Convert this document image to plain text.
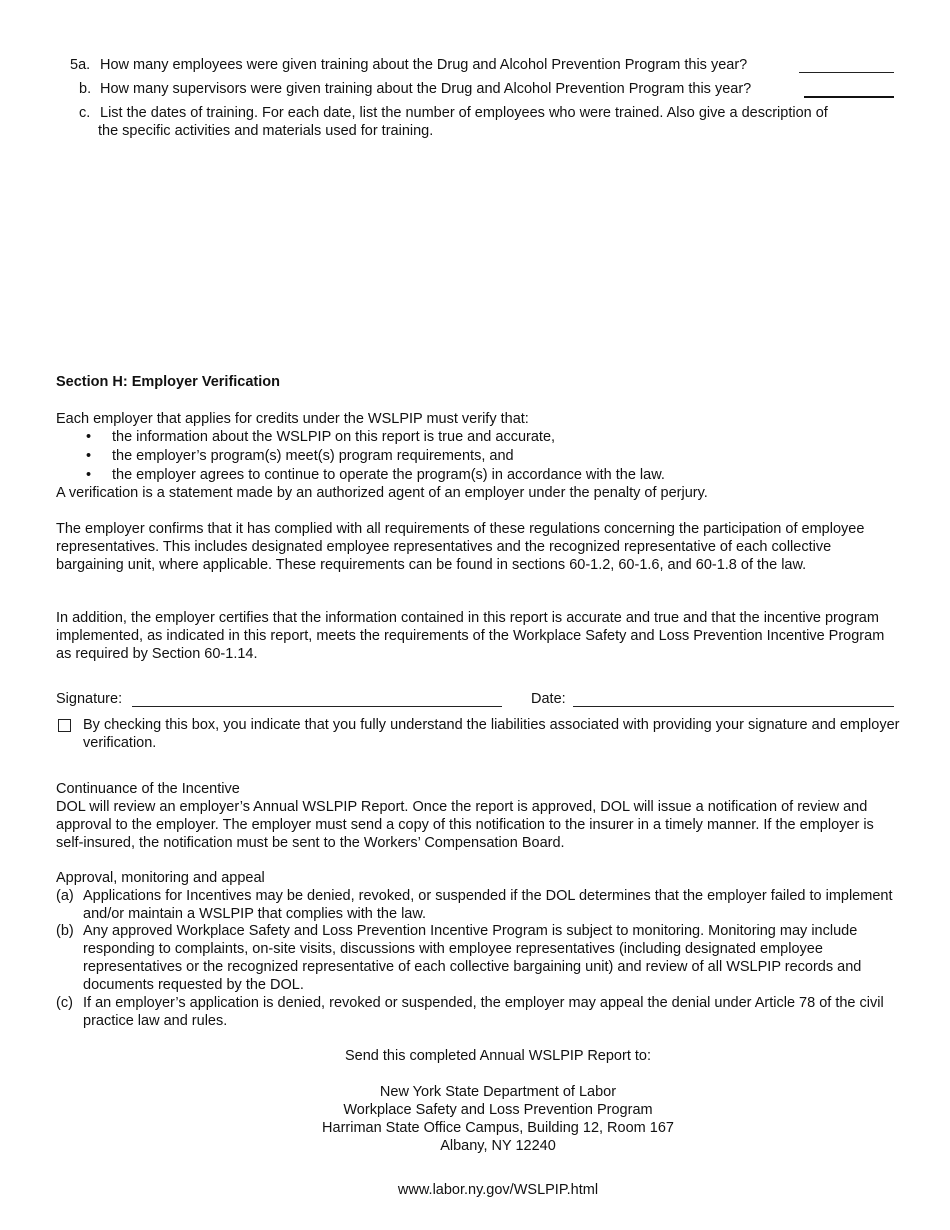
5a. How many employees were given training about the Drug and Alcohol Prevention Program this year?
b. How many supervisors were given training about the Drug and Alcohol Prevention Program this year?
c. List the dates of training. For each date, list the number of employees who were trained. Also give a description of
the specific activities and materials used for training.
Section H: Employer Verification
Each employer that applies for credits under the WSLPIP must verify that:
• the information about the WSLPIP on this report is true and accurate,
• the employer’s program(s) meet(s) program requirements, and
• the employer agrees to continue to operate the program(s) in accordance with the law.
A verification is a statement made by an authorized agent of an employer under the penalty of perjury.
The employer confirms that it has complied with all requirements of these regulations concerning the participation of employee representatives. This includes designated employee representatives and the recognized representative of each collective bargaining unit, where applicable. These requirements can be found in sections 60-1.2, 60-1.6, and 60-1.8 of the law.
In addition, the employer certifies that the information contained in this report is accurate and true and that the incentive program implemented, as indicated in this report, meets the requirements of the Workplace Safety and Loss Prevention Incentive Program as required by Section 60-1.14.
Signature:	Date:
By checking this box, you indicate that you fully understand the liabilities associated with providing your signature and employer verification.
Continuance of the Incentive
DOL will review an employer’s Annual WSLPIP Report. Once the report is approved, DOL will issue a notification of review and approval to the employer. The employer must send a copy of this notification to the insurer in a timely manner. If the employer is self-insured, the notification must be sent to the Workers’ Compensation Board.
Approval, monitoring and appeal
(a) Applications for Incentives may be denied, revoked, or suspended if the DOL determines that the employer failed to implement and/or maintain a WSLPIP that complies with the law.
(b) Any approved Workplace Safety and Loss Prevention Incentive Program is subject to monitoring. Monitoring may include responding to complaints, on-site visits, discussions with employee representatives (including designated employee representatives or the recognized representative of each collective bargaining unit) and review of all WSLPIP records and documents requested by the DOL.
(c) If an employer’s application is denied, revoked or suspended, the employer may appeal the denial under Article 78 of the civil practice law and rules.
Send this completed Annual WSLPIP Report to:
New York State Department of Labor
Workplace Safety and Loss Prevention Program
Harriman State Office Campus, Building 12, Room 167
Albany, NY 12240
www.labor.ny.gov/WSLPIP.html
